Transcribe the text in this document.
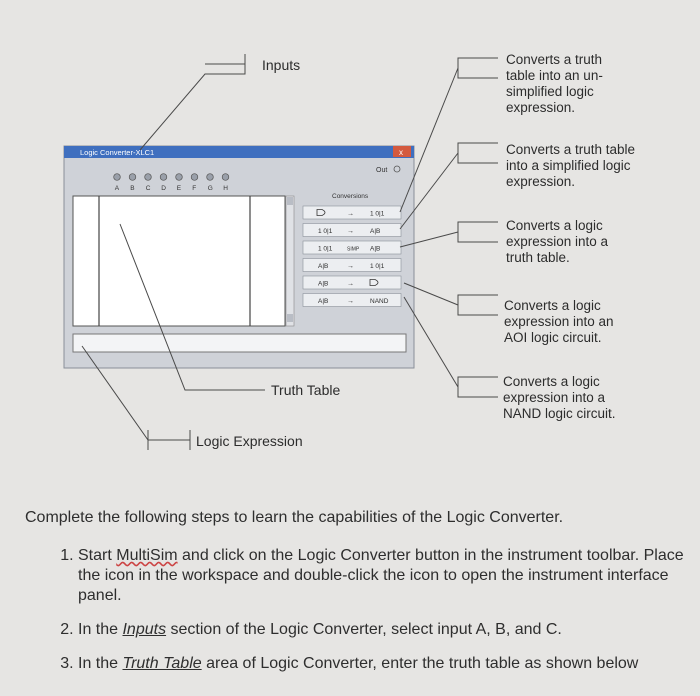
Logic Converter-XLC1	x
A B C D E F G H
Out
Conversions
→ 1 0|1
1 0|1 → A|B
1 0|1	SIMP A|B
A|B	→ 1 0|1
A|B	→
A|B	→ NAND
Inputs
Truth Table
Logic Expression
Converts a truth table into an un-simplified logic expression.
Converts a truth table into a simplified logic expression.
Converts a logic expression into a truth table.
Converts a logic expression into an AOI logic circuit.
Converts a logic expression into a NAND logic circuit.

Complete the following steps to learn the capabilities of the Logic Converter.

1. Start MultiSim and click on the Logic Converter button in the instrument toolbar. Place the icon in the workspace and double-click the icon to open the instrument interface panel.
2. In the Inputs section of the Logic Converter, select input A, B, and C.
3. In the Truth Table area of Logic Converter, enter the truth table as shown below
